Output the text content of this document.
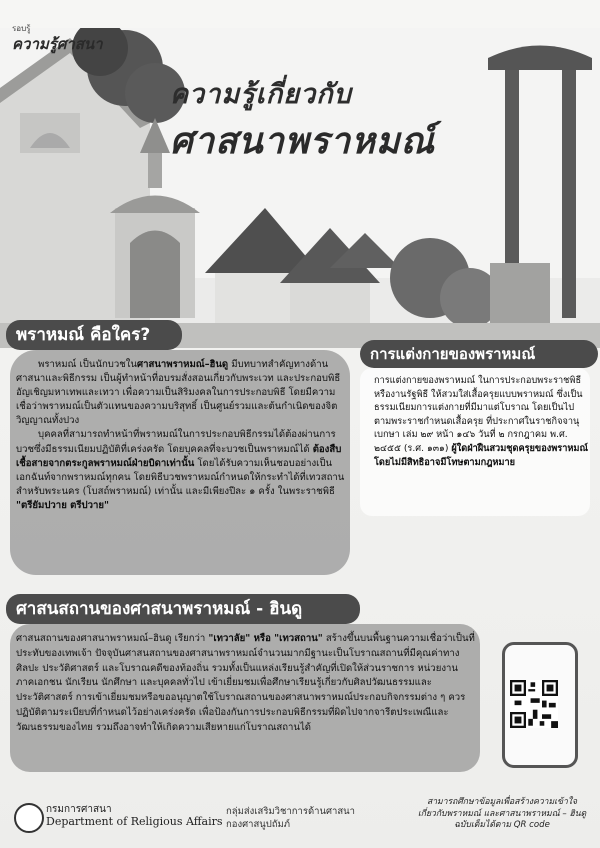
รอบรู้
ความรู้ศาสนา
ความรู้เกี่ยวกับ
ศาสนาพราหมณ์
พราหมณ์ คือใคร?

พราหมณ์ เป็นนักบวชในศาสนาพราหมณ์–ฮินดู มีบทบาทสำคัญทางด้านศาสนาและพิธีกรรม เป็นผู้ทำหน้าที่อบรมสั่งสอนเกี่ยวกับพระเวท และประกอบพิธีอัญเชิญมหาเทพและเทวา เพื่อความเป็นสิริมงคลในการประกอบพิธี โดยมีความเชื่อว่าพราหมณ์เป็นตัวแทนของความบริสุทธิ์ เป็นศูนย์รวมและต้นกำเนิดของจิตวิญญาณทั้งปวง

บุคคลที่สามารถทำหน้าที่พราหมณ์ในการประกอบพิธีกรรมได้ต้องผ่านการบวชซึ่งมีธรรมเนียมปฏิบัติที่เคร่งครัด โดยบุคคลที่จะบวชเป็นพราหมณ์ได้ ต้องสืบเชื้อสายจากตระกูลพราหมณ์ฝ่ายบิดาเท่านั้น โดยได้รับความเห็นชอบอย่างเป็นเอกฉันท์จากพราหมณ์ทุกคน โดยพิธีบวชพราหมณ์กำหนดให้กระทำได้ที่เทวสถานสำหรับพระนคร (โบสถ์พราหมณ์) เท่านั้น และมีเพียงปีละ ๑ ครั้ง ในพระราชพิธี "ตรียัมปวาย ตรีปวาย"

การแต่งกายของพราหมณ์

การแต่งกายของพราหมณ์ ในการประกอบพระราชพิธีหรืองานรัฐพิธี ให้สวมใส่เสื้อครุยแบบพราหมณ์ ซึ่งเป็นธรรมเนียมการแต่งกายที่มีมาแต่โบราณ โดยเป็นไปตามพระราชกำหนดเสื้อครุย ที่ประกาศในราชกิจจานุเบกษา เล่ม ๒๙ หน้า ๑๔๖ วันที่ ๒ กรกฎาคม พ.ศ. ๒๔๕๕ (ร.ศ. ๑๓๑) ผู้ใดฝ่าฝืนสวมชุดครุยของพราหมณ์โดยไม่มีสิทธิอาจมีโทษตามกฎหมาย

ศาสนสถานของศาสนาพราหมณ์ - ฮินดู

ศาสนสถานของศาสนาพราหมณ์–ฮินดู เรียกว่า "เทวาลัย" หรือ "เทวสถาน" สร้างขึ้นบนพื้นฐานความเชื่อว่าเป็นที่ประทับของเทพเจ้า ปัจจุบันศาสนสถานของศาสนาพราหมณ์จำนวนมากมีฐานะเป็นโบราณสถานที่มีคุณค่าทางศิลปะ ประวัติศาสตร์ และโบราณคดีของท้องถิ่น รวมทั้งเป็นแหล่งเรียนรู้สำคัญที่เปิดให้ส่วนราชการ หน่วยงาน ภาคเอกชน นักเรียน นักศึกษา และบุคคลทั่วไป เข้าเยี่ยมชมเพื่อศึกษาเรียนรู้เกี่ยวกับศิลปวัฒนธรรมและประวัติศาสตร์ การเข้าเยี่ยมชมหรือขออนุญาตใช้โบราณสถานของศาสนาพราหมณ์ประกอบกิจกรรมต่าง ๆ ควรปฏิบัติตามระเบียบที่กำหนดไว้อย่างเคร่งครัด เพื่อป้องกันการประกอบพิธีกรรมที่ผิดไปจากจารีตประเพณีและวัฒนธรรมของไทย รวมถึงอาจทำให้เกิดความเสียหายแก่โบราณสถานได้

กรมการศาสนา
Department of Religious Affairs
กลุ่มส่งเสริมวิชาการด้านศาสนา
กองศาสนูปถัมภ์
สามารถศึกษาข้อมูลเพื่อสร้างความเข้าใจ
เกี่ยวกับพราหมณ์ และศาสนาพราหมณ์ – ฮินดู
ฉบับเต็มได้ตาม QR code
